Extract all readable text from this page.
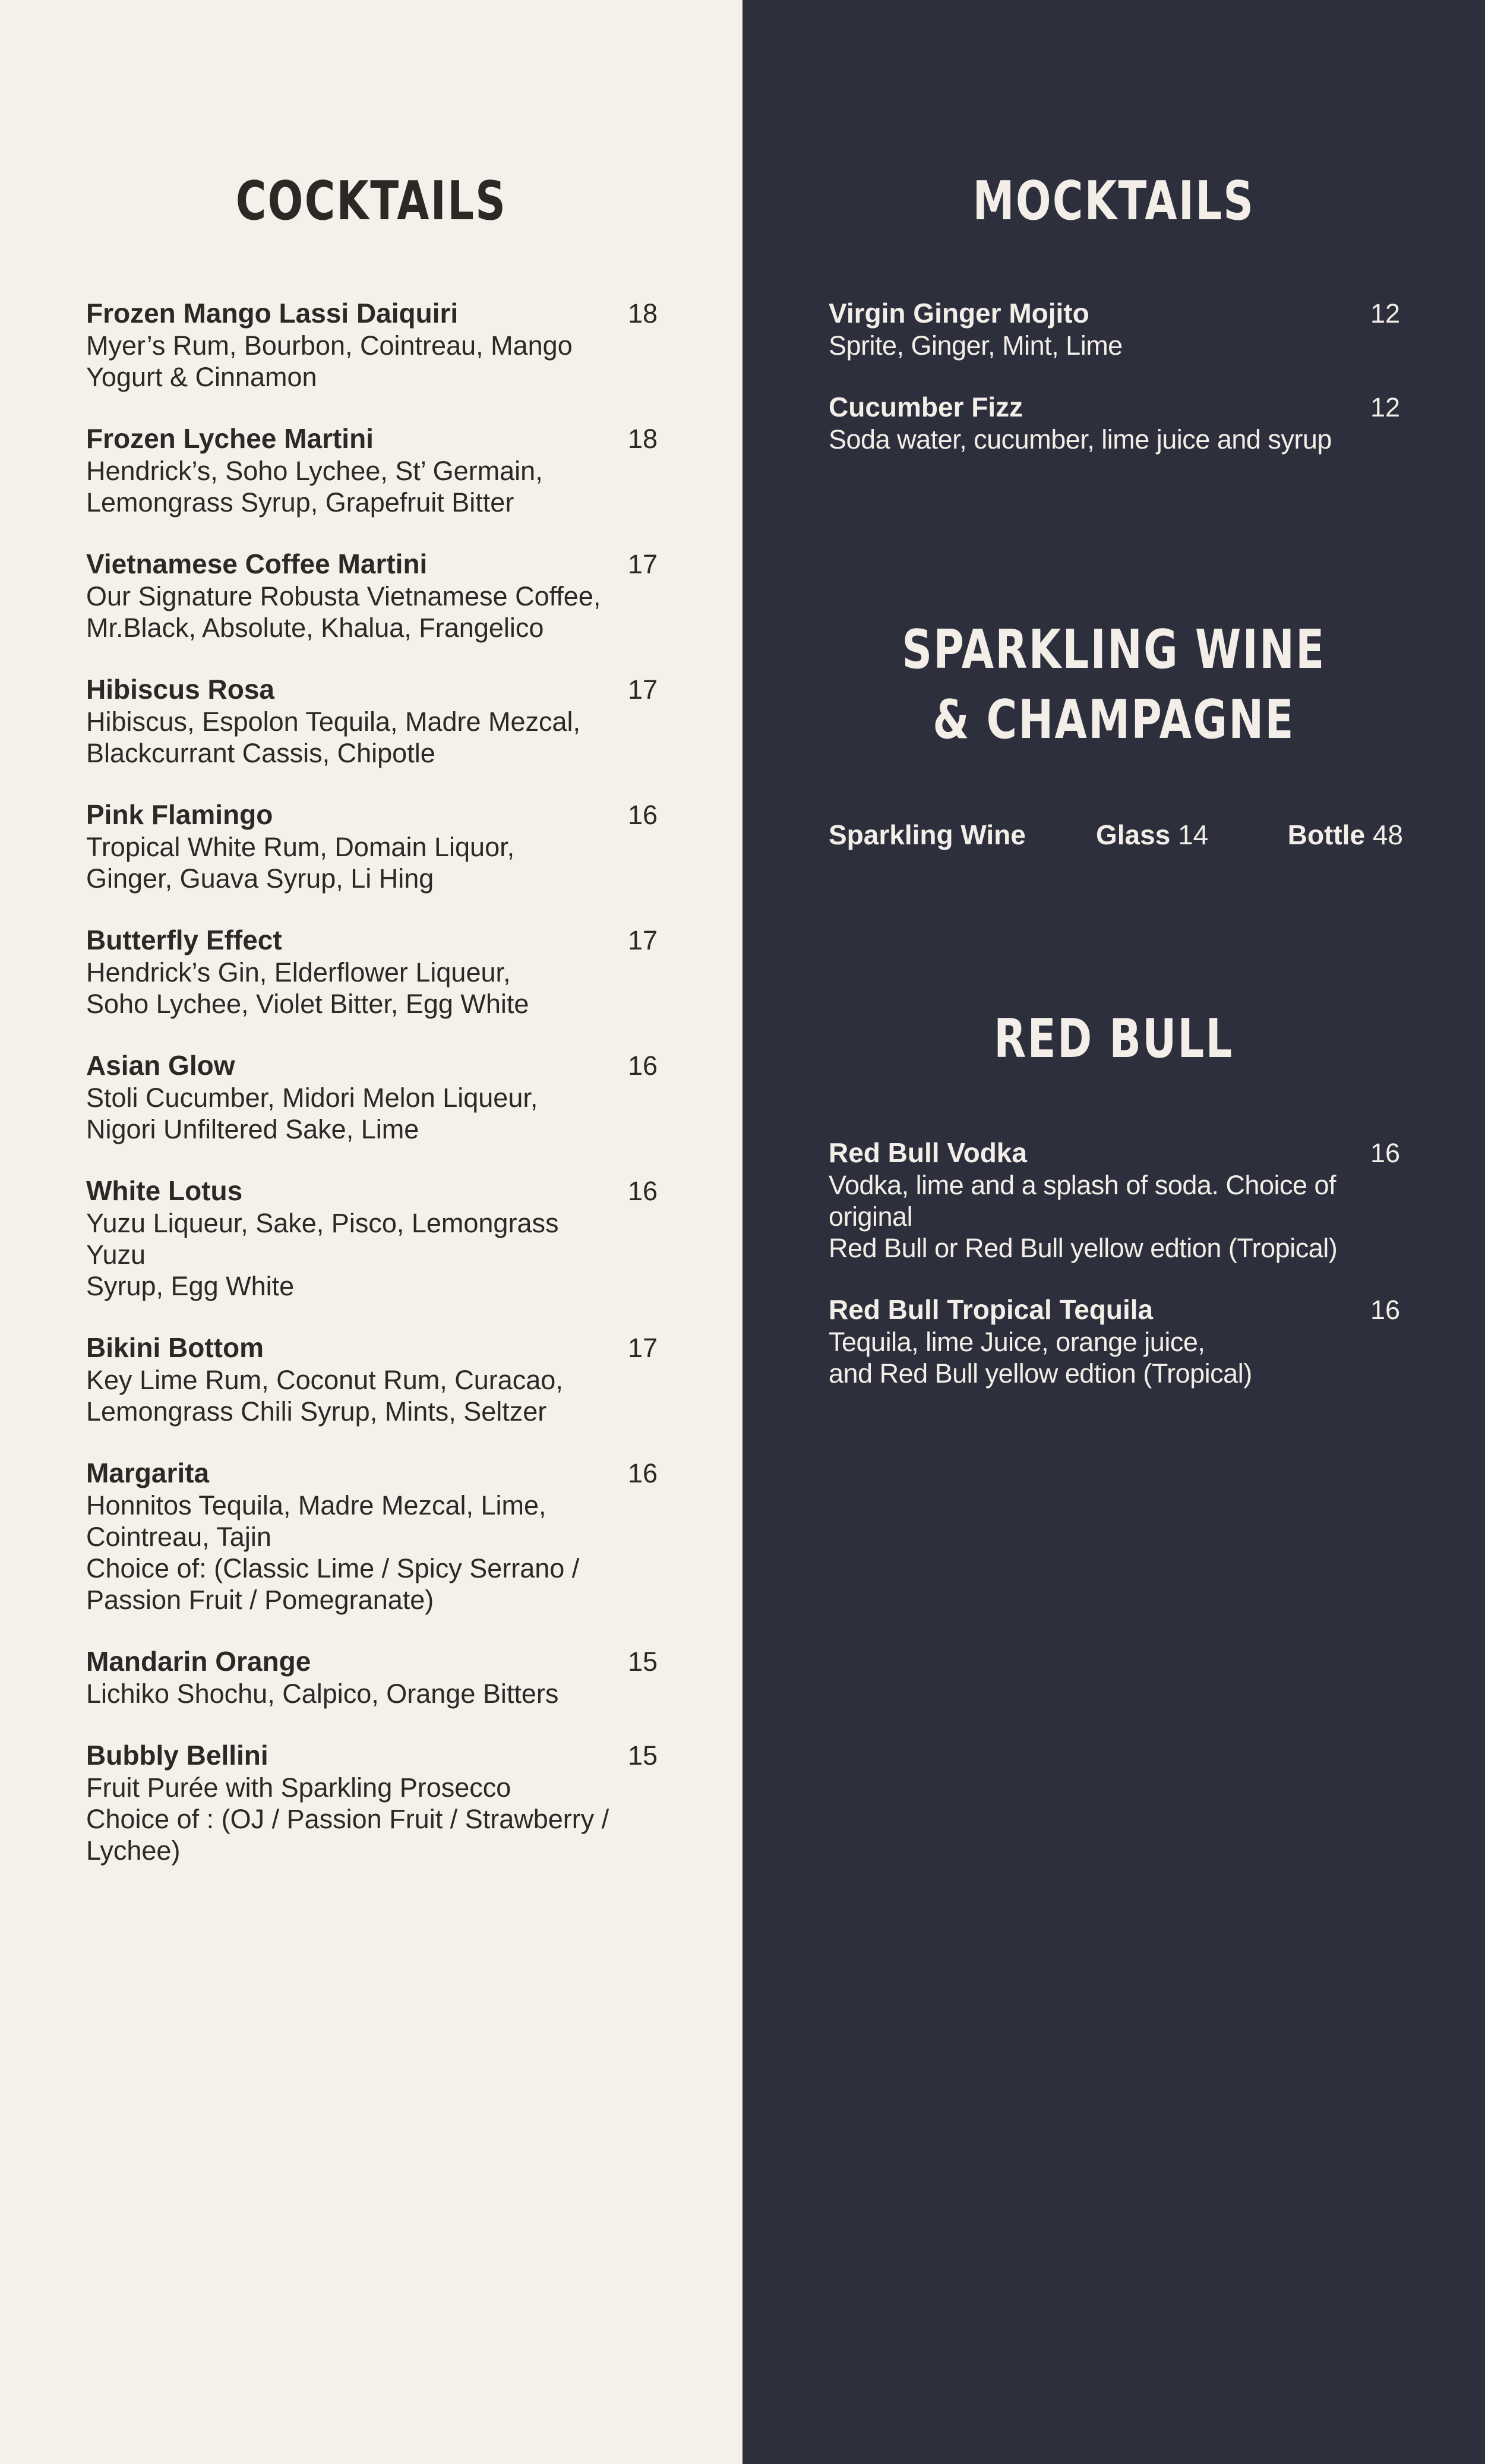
COCKTAILS
Frozen Mango Lassi Daiquiri	18
Myer’s Rum, Bourbon, Cointreau, Mango
Yogurt & Cinnamon
Frozen Lychee Martini	18
Hendrick’s, Soho Lychee, St’ Germain,
Lemongrass Syrup, Grapefruit Bitter
Vietnamese Coffee Martini	17
Our Signature Robusta Vietnamese Coffee,
Mr.Black, Absolute, Khalua, Frangelico
Hibiscus Rosa	17
Hibiscus, Espolon Tequila, Madre Mezcal,
Blackcurrant Cassis, Chipotle
Pink Flamingo	16
Tropical White Rum, Domain Liquor,
Ginger, Guava Syrup, Li Hing
Butterfly Effect	17
Hendrick’s Gin, Elderflower Liqueur,
Soho Lychee, Violet Bitter, Egg White
Asian Glow	16
Stoli Cucumber, Midori Melon Liqueur,
Nigori Unfiltered Sake, Lime
White Lotus	16
Yuzu Liqueur, Sake, Pisco, Lemongrass Yuzu
Syrup, Egg White
Bikini Bottom	17
Key Lime Rum, Coconut Rum, Curacao,
Lemongrass Chili Syrup, Mints, Seltzer
Margarita	16
Honnitos Tequila, Madre Mezcal, Lime,
Cointreau, Tajin
Choice of: (Classic Lime / Spicy Serrano /
Passion Fruit / Pomegranate)
Mandarin Orange	15
Lichiko Shochu, Calpico, Orange Bitters
Bubbly Bellini	15
Fruit Purée with Sparkling Prosecco
Choice of : (OJ / Passion Fruit / Strawberry /
Lychee)
MOCKTAILS
Virgin Ginger Mojito	12
Sprite, Ginger, Mint, Lime
Cucumber Fizz	12
Soda water, cucumber, lime juice and syrup
SPARKLING WINE
& CHAMPAGNE
Sparkling Wine	Glass 14	Bottle 48
RED BULL
Red Bull Vodka	16
Vodka, lime and a splash of soda. Choice of original
Red Bull or Red Bull yellow edtion (Tropical)
Red Bull Tropical Tequila	16
Tequila, lime Juice, orange juice,
and Red Bull yellow edtion (Tropical)
